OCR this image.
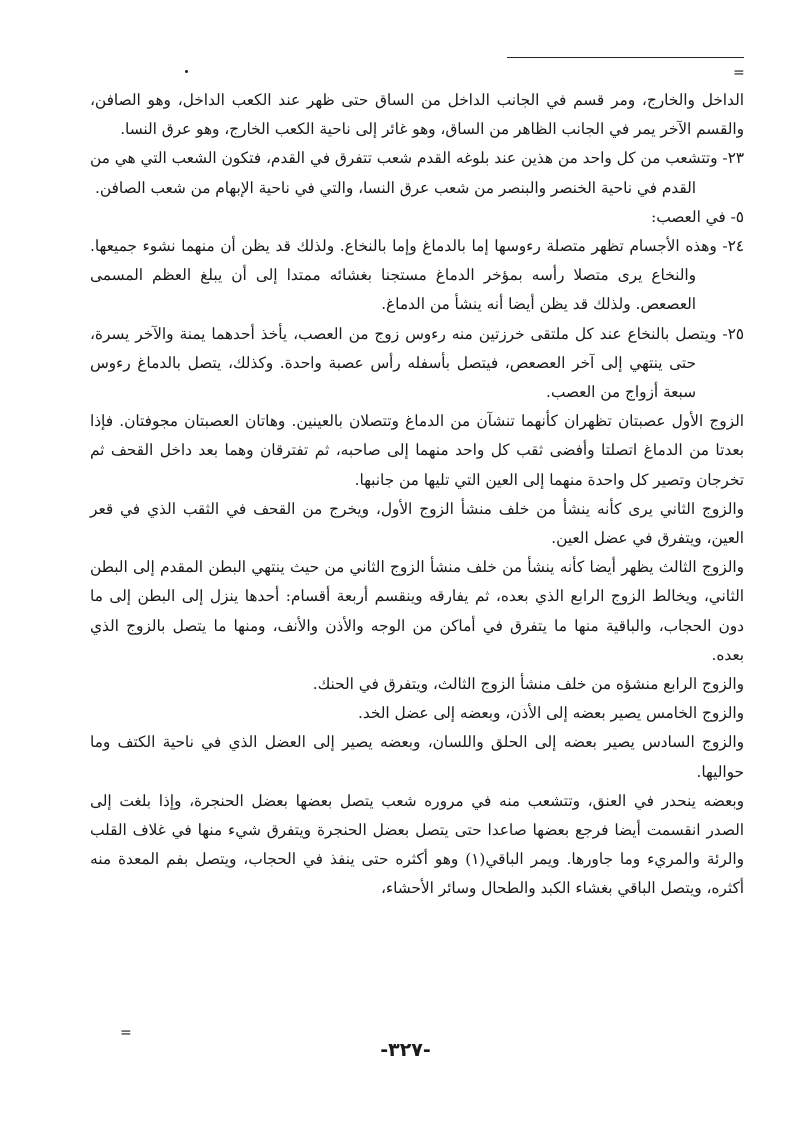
=

الداخل والخارج، ومر قسم في الجانب الداخل من الساق حتى ظهر عند الكعب الداخل، وهو الصافن، والقسم الآخر يمر في الجانب الظاهر من الساق، وهو غائر إلى ناحية الكعب الخارج، وهو عرق النسا.

٢٣- وتتشعب من كل واحد من هذين عند بلوغه القدم شعب تتفرق في القدم، فتكون الشعب التي هي من القدم في ناحية الخنصر والبنصر من شعب عرق النسا، والتي في ناحية الإبهام من شعب الصافن.

٥- في العصب:

٢٤- وهذه الأجسام تظهر متصلة رءوسها إما بالدماغ وإما بالنخاع. ولذلك قد يظن أن منهما نشوء جميعها. والنخاع يرى متصلا رأسه بمؤخر الدماغ مستجنا بغشائه ممتدا إلى أن يبلغ العظم المسمى العصعص. ولذلك قد يظن أيضا أنه ينشأ من الدماغ.

٢٥- ويتصل بالنخاع عند كل ملتقى خرزتين منه رءوس زوج من العصب، يأخذ أحدهما يمنة والآخر يسرة، حتى ينتهي إلى آخر العصعص، فيتصل بأسفله رأس عصبة واحدة. وكذلك، يتصل بالدماغ رءوس سبعة أزواج من العصب.

الزوج الأول عصبتان تظهران كأنهما تنشآن من الدماغ وتتصلان بالعينين. وهاتان العصبتان مجوفتان. فإذا بعدتا من الدماغ اتصلتا وأفضى ثقب كل واحد منهما إلى صاحبه، ثم تفترقان وهما بعد داخل القحف ثم تخرجان وتصير كل واحدة منهما إلى العين التي تليها من جانبها.

والزوج الثاني يرى كأنه ينشأ من خلف منشأ الزوج الأول، ويخرج من القحف في الثقب الذي في قعر العين، ويتفرق في عضل العين.

والزوج الثالث يظهر أيضا كأنه ينشأ من خلف منشأ الزوج الثاني من حيث ينتهي البطن المقدم إلى البطن الثاني، ويخالط الزوج الرابع الذي بعده، ثم يفارقه وينقسم أربعة أقسام: أحدها ينزل إلى البطن إلى ما دون الحجاب، والباقية منها ما يتفرق في أماكن من الوجه والأذن والأنف، ومنها ما يتصل بالزوج الذي بعده.

والزوج الرابع منشؤه من خلف منشأ الزوج الثالث، ويتفرق في الحنك.

والزوج الخامس يصير بعضه إلى الأذن، وبعضه إلى عضل الخد.

والزوج السادس يصير بعضه إلى الحلق واللسان، وبعضه يصير إلى العضل الذي في ناحية الكتف وما حواليها.

وبعضه ينحدر في العنق، وتتشعب منه في مروره شعب يتصل بعضها بعضل الحنجرة، وإذا بلغت إلى الصدر انقسمت أيضا فرجع بعضها صاعدا حتى يتصل بعضل الحنجرة ويتفرق شيء منها في غلاف القلب والرئة والمريء وما جاورها. ويمر الباقي(١) وهو أكثره حتى ينفذ في الحجاب، ويتصل بفم المعدة منه أكثره، ويتصل الباقي بغشاء الكبد والطحال وسائر الأحشاء،

=
-٣٢٧-
